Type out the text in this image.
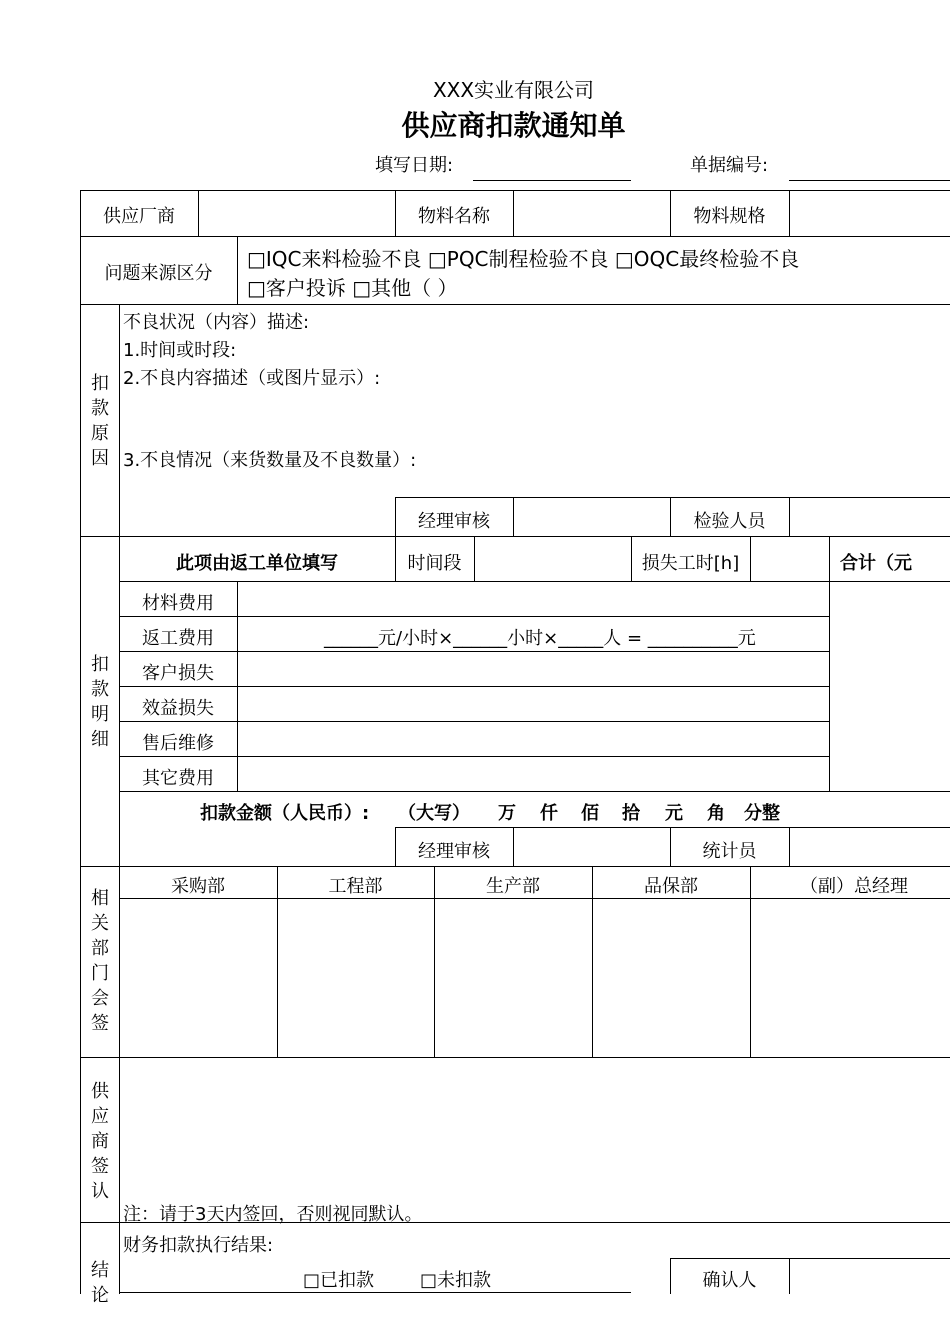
XXX实业有限公司
供应商扣款通知单
填写日期:	单据编号:
供应厂商	物料名称	物料规格
问题来源区分
□IQC来料检验不良 □PQC制程检验不良 □OQC最终检验不良
□客户投诉 □其他（ ）
扣
款
原
因
不良状况（内容）描述:
1.时间或时段:
2.不良内容描述（或图片显示）:
3.不良情况（来货数量及不良数量）:
经理审核	检验人员
扣
款
明
细
此项由返工单位填写	时间段	损失工时[h]	合计（元
材料费用
返工费用	______元/小时×______小时×_____人 = __________元
客户损失
效益损失
售后维修
其它费用
扣款金额（人民币）: （大写） 万 仟 佰 拾 元 角 分整
经理审核	统计员
相
关
部
门
会
签
采购部	工程部	生产部	品保部	（副）总经理
供
应
商
签
认
注：请于3天内签回，否则视同默认。
结
论
财务扣款执行结果:
□已扣款	□未扣款	确认人
